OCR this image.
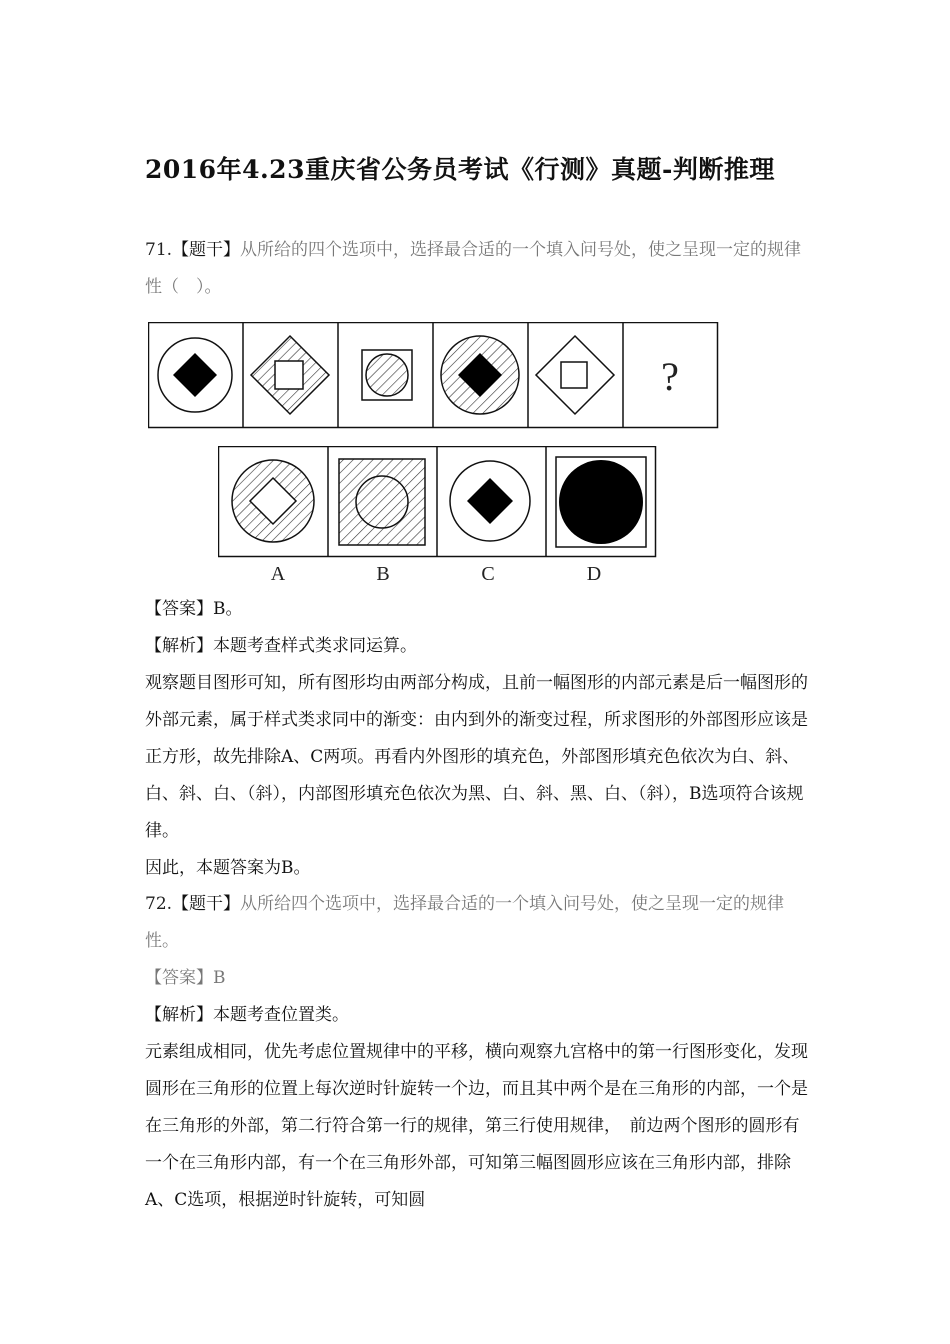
2016年4.23重庆省公务员考试《行测》真题-判断推理
71.【题干】从所给的四个选项中，选择最合适的一个填入问号处，使之呈现一定的规律性（　）。
?
A	B	C	D
【答案】B。
【解析】本题考查样式类求同运算。
观察题目图形可知，所有图形均由两部分构成，且前一幅图形的内部元素是后一幅图形的外部元素，属于样式类求同中的渐变：由内到外的渐变过程，所求图形的外部图形应该是正方形，故先排除A、C两项。再看内外图形的填充色，外部图形填充色依次为白、斜、白、斜、白、（斜），内部图形填充色依次为黑、白、斜、黑、白、（斜），B选项符合该规律。
因此，本题答案为B。
72.【题干】从所给四个选项中，选择最合适的一个填入问号处，使之呈现一定的规律性。
【答案】B
【解析】本题考查位置类。
元素组成相同，优先考虑位置规律中的平移，横向观察九宫格中的第一行图形变化，发现圆形在三角形的位置上每次逆时针旋转一个边，而且其中两个是在三角形的内部，一个是在三角形的外部，第二行符合第一行的规律，第三行使用规律，　前边两个图形的圆形有一个在三角形内部，有一个在三角形外部，可知第三幅图圆形应该在三角形内部，排除A、C选项，根据逆时针旋转，可知圆
